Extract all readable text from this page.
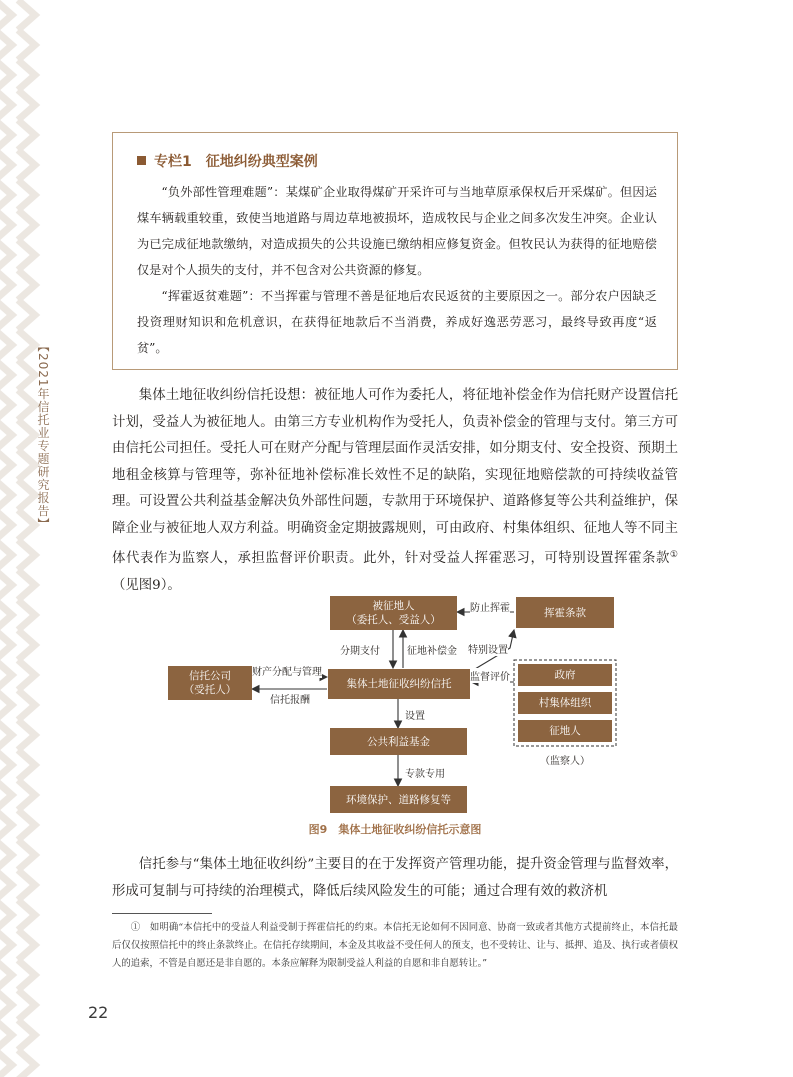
【2021年信托业专题研究报告】
专栏1　征地纠纷典型案例

“负外部性管理难题”：某煤矿企业取得煤矿开采许可与当地草原承保权后开采煤矿。但因运煤车辆载重较重，致使当地道路与周边草地被损坏，造成牧民与企业之间多次发生冲突。企业认为已完成征地款缴纳，对造成损失的公共设施已缴纳相应修复资金。但牧民认为获得的征地赔偿仅是对个人损失的支付，并不包含对公共资源的修复。

“挥霍返贫难题”：不当挥霍与管理不善是征地后农民返贫的主要原因之一。部分农户因缺乏投资理财知识和危机意识，在获得征地款后不当消费，养成好逸恶劳恶习，最终导致再度“返贫”。

集体土地征收纠纷信托设想：被征地人可作为委托人，将征地补偿金作为信托财产设置信托计划，受益人为被征地人。由第三方专业机构作为受托人，负责补偿金的管理与支付。第三方可由信托公司担任。受托人可在财产分配与管理层面作灵活安排，如分期支付、安全投资、预期土地租金核算与管理等，弥补征地补偿标准长效性不足的缺陷，实现征地赔偿款的可持续收益管理。可设置公共利益基金解决负外部性问题，专款用于环境保护、道路修复等公共利益维护，保障企业与被征地人双方利益。明确资金定期披露规则，可由政府、村集体组织、征地人等不同主体代表作为监察人，承担监督评价职责。此外，针对受益人挥霍恶习，可特别设置挥霍条款①（见图9）。

被征地人
（委托人、受益人）
挥霍条款
信托公司
（受托人）	集体土地征收纠纷信托
政府
村集体组织
征地人
公共利益基金
环境保护、道路修复等
防止挥霍
特别设置
分期支付	征地补偿金
财产分配与管理
信托报酬
监督评价
设置
专款专用
（监察人）
图9　集体土地征收纠纷信托示意图

信托参与“集体土地征收纠纷”主要目的在于发挥资产管理功能，提升资金管理与监督效率，形成可复制与可持续的治理模式，降低后续风险发生的可能；通过合理有效的救济机

①　 如明确“本信托中的受益人利益受制于挥霍信托的约束。本信托无论如何不因同意、协商一致或者其他方式提前终止，本信托最后仅仅按照信托中的终止条款终止。在信托存续期间，本金及其收益不受任何人的预支，也不受转让、让与、抵押、追及、执行或者债权人的追索，不管是自愿还是非自愿的。本条应解释为限制受益人利益的自愿和非自愿转让。”

22
